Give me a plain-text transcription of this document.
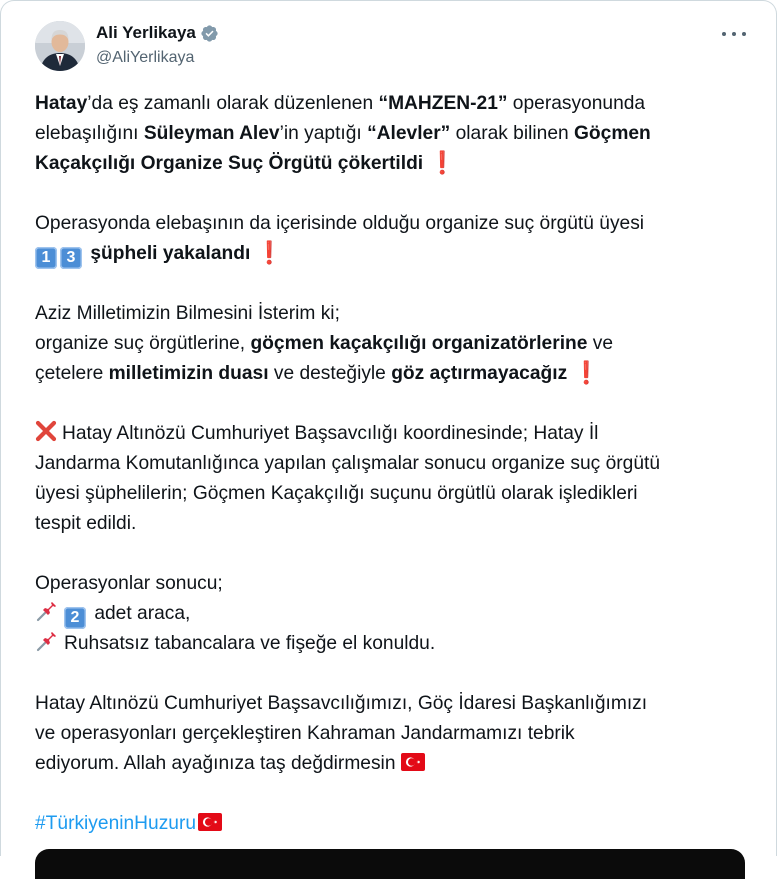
Ali Yerlikaya
@AliYerlikaya
Hatay’da eş zamanlı olarak düzenlenen “MAHZEN-21” operasyonunda
elebaşılığını Süleyman Alev’in yaptığı “Alevler” olarak bilinen Göçmen
Kaçakçılığı Organize Suç Örgütü çökertildi ❗
Operasyonda elebaşının da içerisinde olduğu organize suç örgütü üyesi
1 3 şüpheli yakalandı ❗
Aziz Milletimizin Bilmesini İsterim ki;
organize suç örgütlerine, göçmen kaçakçılığı organizatörlerine ve
çetelere milletimizin duası ve desteğiyle göz açtırmayacağız ❗
Hatay Altınözü Cumhuriyet Başsavcılığı koordinesinde; Hatay İl
Jandarma Komutanlığınca yapılan çalışmalar sonucu organize suç örgütü
üyesi şüphelilerin; Göçmen Kaçakçılığı suçunu örgütlü olarak işledikleri
tespit edildi.
Operasyonlar sonucu;
2 adet araca,
Ruhsatsız tabancalara ve fişeğe el konuldu.
Hatay Altınözü Cumhuriyet Başsavcılığımızı, Göç İdaresi Başkanlığımızı
ve operasyonları gerçekleştiren Kahraman Jandarmamızı tebrik
ediyorum. Allah ayağınıza taş değdirmesin
#TürkiyeninHuzuru
